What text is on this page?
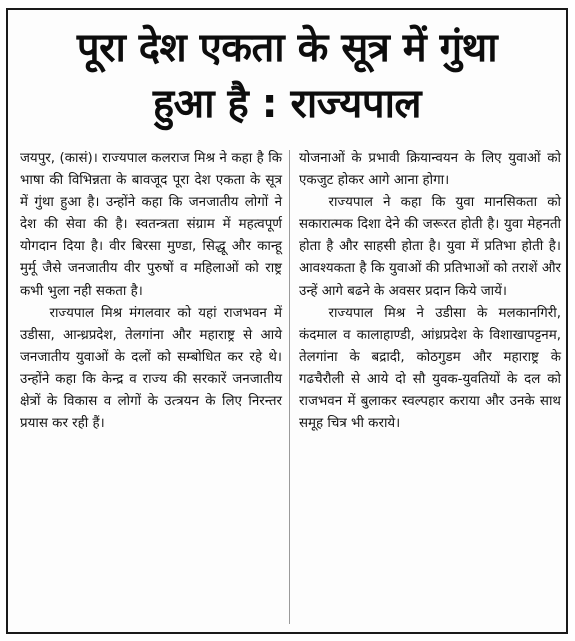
पूरा देश एकता के सूत्र में गुंथा
हुआ है : राज्यपाल

जयपुर, (कासं)। राज्यपाल कलराज मिश्र ने कहा है कि भाषा की विभिन्नता के बावजूद पूरा देश एकता के सूत्र में गुंथा हुआ है। उन्होंने कहा कि जनजातीय लोगों ने देश की सेवा की है। स्वतन्त्रता संग्राम में महत्वपूर्ण योगदान दिया है। वीर बिरसा मुण्डा, सिद्धू और कान्हू मुर्मू जैसे जनजातीय वीर पुरुषों व महिलाओं को राष्ट्र कभी भुला नही सकता है।

राज्यपाल मिश्र मंगलवार को यहां राजभवन में उडीसा, आन्ध्रप्रदेश, तेलगांना और महाराष्ट्र से आये जनजातीय युवाओं के दलों को सम्बोधित कर रहे थे। उन्होंने कहा कि केन्द्र व राज्य की सरकारें जनजातीय क्षेत्रों के विकास व लोगों के उत्त्रयन के लिए निरन्तर प्रयास कर रही हैं।

योजनाओं के प्रभावी क्रियान्वयन के लिए युवाओं को एकजुट होकर आगे आना होगा।

राज्यपाल ने कहा कि युवा मानसिकता को सकारात्मक दिशा देने की जरूरत होती है। युवा मेहनती होता है और साहसी होता है। युवा में प्रतिभा होती है। आवश्यकता है कि युवाओं की प्रतिभाओं को तराशें और उन्हें आगे बढने के अवसर प्रदान किये जायें।

राज्यपाल मिश्र ने उडीसा के मलकानगिरी, कंदमाल व कालाहाण्डी, आंध्रप्रदेश के विशाखापट्टनम, तेलगांना के बद्रादी, कोठगुडम और महाराष्ट्र के गढचैरौली से आये दो सौ युवक-युवतियों के दल को राजभवन में बुलाकर स्वल्पहार कराया और उनके साथ समूह चित्र भी कराये।
